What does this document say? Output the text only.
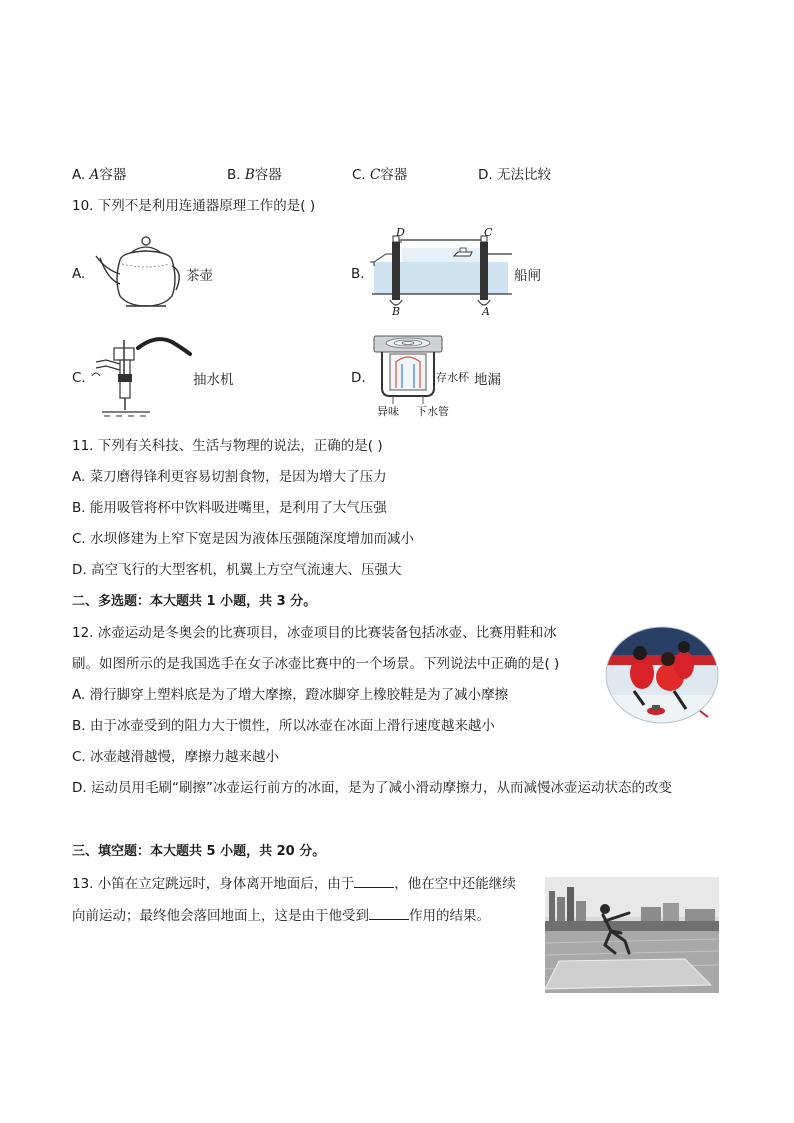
A. A容器	B. B容器	C. C容器	D. 无法比较
10. 下列不是利用连通器原理工作的是( )
A.	茶壶	B.
D	C
B	A
船闸
C.	抽水机	D.	存水杯 地漏
异味 下水管
11. 下列有关科技、生活与物理的说法，正确的是( )
A. 菜刀磨得锋利更容易切割食物，是因为增大了压力
B. 能用吸管将杯中饮料吸进嘴里，是利用了大气压强
C. 水坝修建为上窄下宽是因为液体压强随深度增加而减小
D. 高空飞行的大型客机，机翼上方空气流速大、压强大
二、多选题：本大题共 1 小题，共 3 分。
12. 冰壶运动是冬奥会的比赛项目，冰壶项目的比赛装备包括冰壶、比赛用鞋和冰
刷。如图所示的是我国选手在女子冰壶比赛中的一个场景。下列说法中正确的是( )
A. 滑行脚穿上塑料底是为了增大摩擦，蹬冰脚穿上橡胶鞋是为了减小摩擦
B. 由于冰壶受到的阻力大于惯性，所以冰壶在冰面上滑行速度越来越小
C. 冰壶越滑越慢，摩擦力越来越小
D. 运动员用毛刷“刷擦”冰壶运行前方的冰面，是为了减小滑动摩擦力，从而减慢冰壶运动状态的改变
三、填空题：本大题共 5 小题，共 20 分。
13. 小笛在立定跳远时，身体离开地面后，由于	，他在空中还能继续
向前运动；最终他会落回地面上，这是由于他受到	作用的结果。
